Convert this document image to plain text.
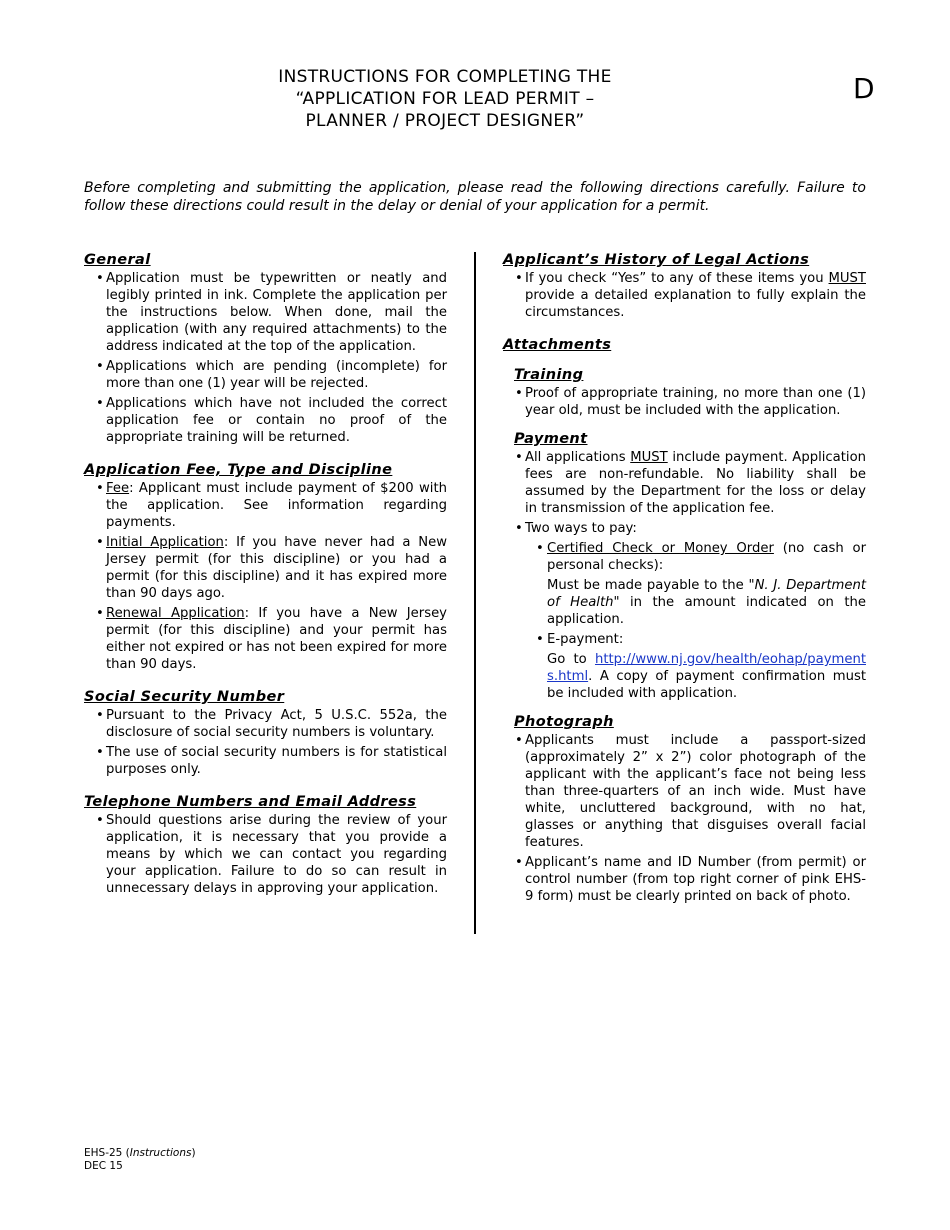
INSTRUCTIONS FOR COMPLETING THE
“APPLICATION FOR LEAD PERMIT –
PLANNER / PROJECT DESIGNER”
D
Before completing and submitting the application, please read the following directions carefully. Failure to follow these directions could result in the delay or denial of your application for a permit.
General
• Application must be typewritten or neatly and legibly printed in ink. Complete the application per the instructions below. When done, mail the application (with any required attachments) to the address indicated at the top of the application.
• Applications which are pending (incomplete) for more than one (1) year will be rejected.
• Applications which have not included the correct application fee or contain no proof of the appropriate training will be returned.
Application Fee, Type and Discipline
• Fee: Applicant must include payment of $200 with the application. See information regarding payments.
• Initial Application: If you have never had a New Jersey permit (for this discipline) or you had a permit (for this discipline) and it has expired more than 90 days ago.
• Renewal Application: If you have a New Jersey permit (for this discipline) and your permit has either not expired or has not been expired for more than 90 days.
Social Security Number
• Pursuant to the Privacy Act, 5 U.S.C. 552a, the disclosure of social security numbers is voluntary.
• The use of social security numbers is for statistical purposes only.
Telephone Numbers and Email Address
• Should questions arise during the review of your application, it is necessary that you provide a means by which we can contact you regarding your application. Failure to do so can result in unnecessary delays in approving your application.
Applicant’s History of Legal Actions
• If you check “Yes” to any of these items you MUST provide a detailed explanation to fully explain the circumstances.
Attachments
Training
• Proof of appropriate training, no more than one (1) year old, must be included with the application.
Payment
• All applications MUST include payment. Application fees are non-refundable. No liability shall be assumed by the Department for the loss or delay in transmission of the application fee.
• Two ways to pay:
• Certified Check or Money Order (no cash or personal checks):
Must be made payable to the "N. J. Department of Health" in the amount indicated on the application.
• E-payment:
Go to http://www.nj.gov/health/eohap/payments.html. A copy of payment confirmation must be included with application.
Photograph
• Applicants must include a passport-sized (approximately 2” x 2”) color photograph of the applicant with the applicant’s face not being less than three-quarters of an inch wide. Must have white, uncluttered background, with no hat, glasses or anything that disguises overall facial features.
• Applicant’s name and ID Number (from permit) or control number (from top right corner of pink EHS-9 form) must be clearly printed on back of photo.
EHS-25 (Instructions)
DEC 15
